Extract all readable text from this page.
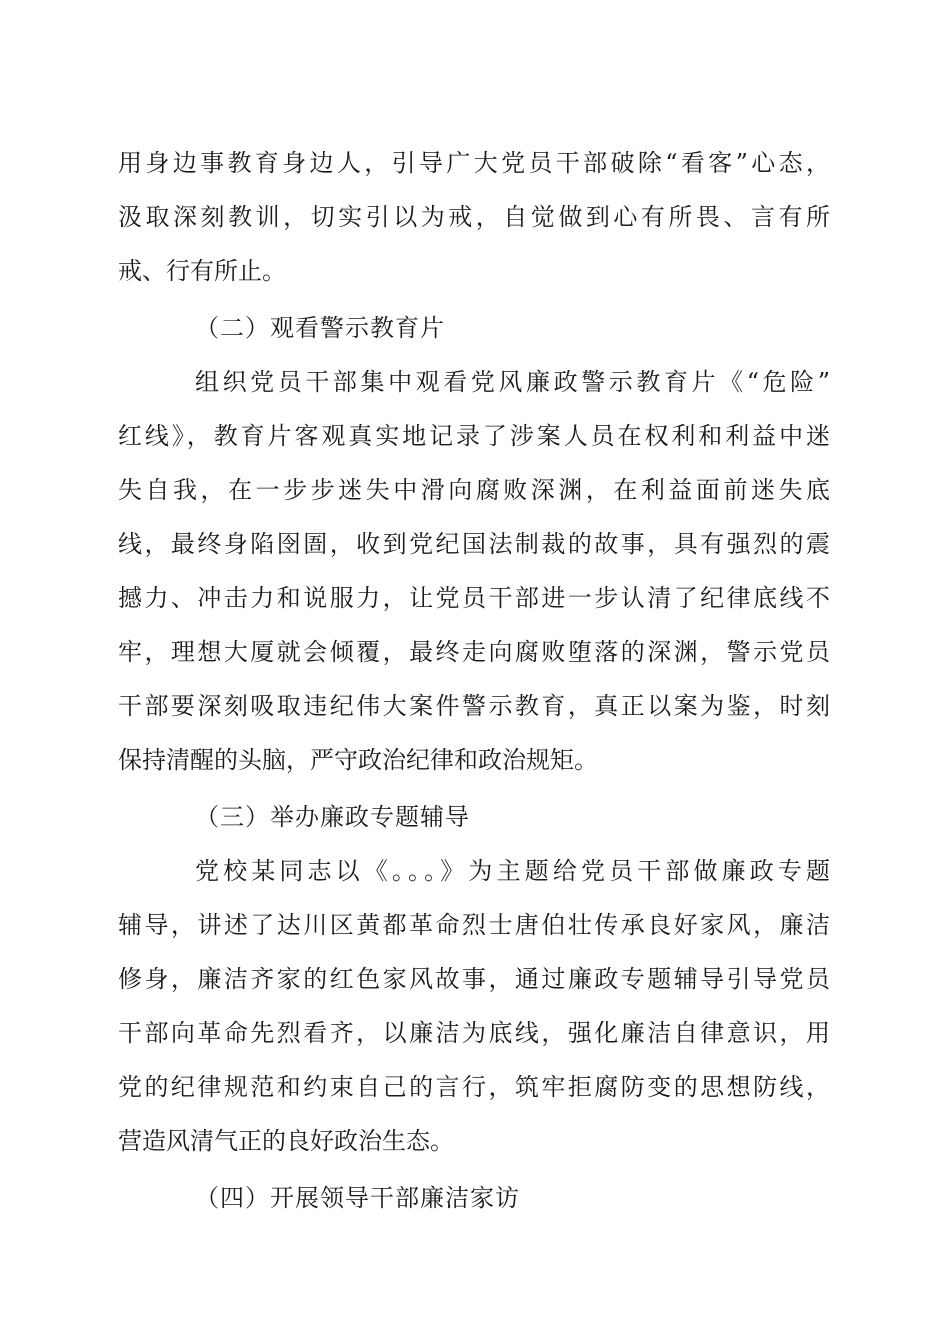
用身边事教育身边人，引导广大党员干部破除“看客”心态，
汲取深刻教训，切实引以为戒，自觉做到心有所畏、言有所
戒、行有所止。
（二）观看警示教育片
组织党员干部集中观看党风廉政警示教育片《“危险”
红线》，教育片客观真实地记录了涉案人员在权利和利益中迷
失自我，在一步步迷失中滑向腐败深渊，在利益面前迷失底
线，最终身陷囹圄，收到党纪国法制裁的故事，具有强烈的震
撼力、冲击力和说服力，让党员干部进一步认清了纪律底线不
牢，理想大厦就会倾覆，最终走向腐败堕落的深渊，警示党员
干部要深刻吸取违纪伟大案件警示教育，真正以案为鉴，时刻
保持清醒的头脑，严守政治纪律和政治规矩。
（三）举办廉政专题辅导
党校某同志以《。。。》为主题给党员干部做廉政专题
辅导，讲述了达川区黄都革命烈士唐伯壮传承良好家风，廉洁
修身，廉洁齐家的红色家风故事，通过廉政专题辅导引导党员
干部向革命先烈看齐，以廉洁为底线，强化廉洁自律意识，用
党的纪律规范和约束自己的言行，筑牢拒腐防变的思想防线，
营造风清气正的良好政治生态。
（四）开展领导干部廉洁家访
